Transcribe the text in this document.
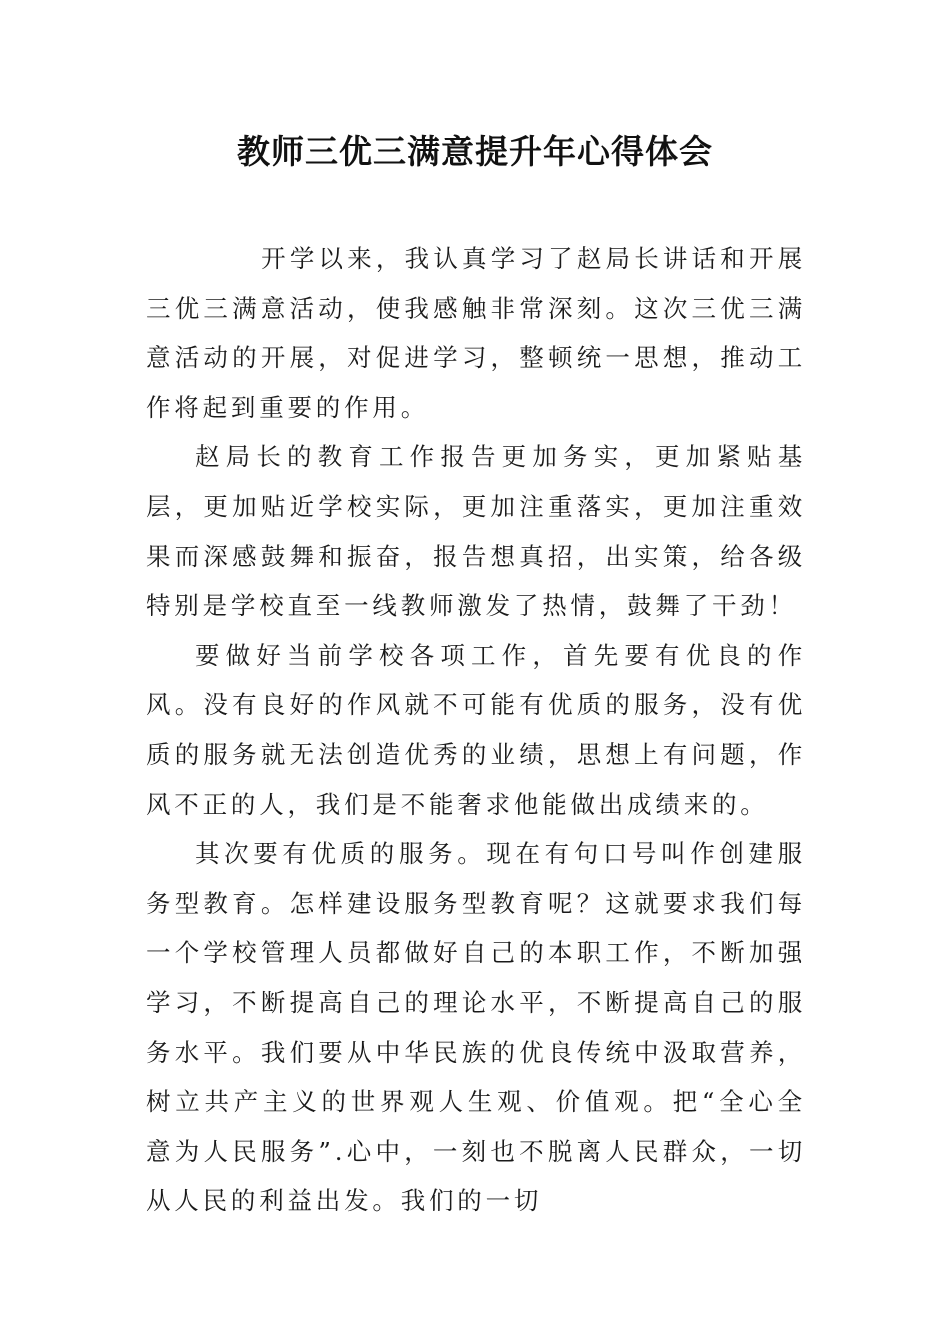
教师三优三满意提升年心得体会

开学以来，我认真学习了赵局长讲话和开展三优三满意活动，使我感触非常深刻。这次三优三满意活动的开展，对促进学习，整顿统一思想，推动工作将起到重要的作用。

赵局长的教育工作报告更加务实，更加紧贴基层，更加贴近学校实际，更加注重落实，更加注重效果而深感鼓舞和振奋，报告想真招，出实策，给各级特别是学校直至一线教师激发了热情，鼓舞了干劲！

要做好当前学校各项工作，首先要有优良的作风。没有良好的作风就不可能有优质的服务，没有优质的服务就无法创造优秀的业绩，思想上有问题，作风不正的人，我们是不能奢求他能做出成绩来的。

其次要有优质的服务。现在有句口号叫作创建服务型教育。怎样建设服务型教育呢？这就要求我们每一个学校管理人员都做好自己的本职工作，不断加强学习，不断提高自己的理论水平，不断提高自己的服务水平。我们要从中华民族的优良传统中汲取营养，树立共产主义的世界观人生观、价值观。把“全心全意为人民服务”.心中，一刻也不脱离人民群众，一切从人民的利益出发。我们的一切
